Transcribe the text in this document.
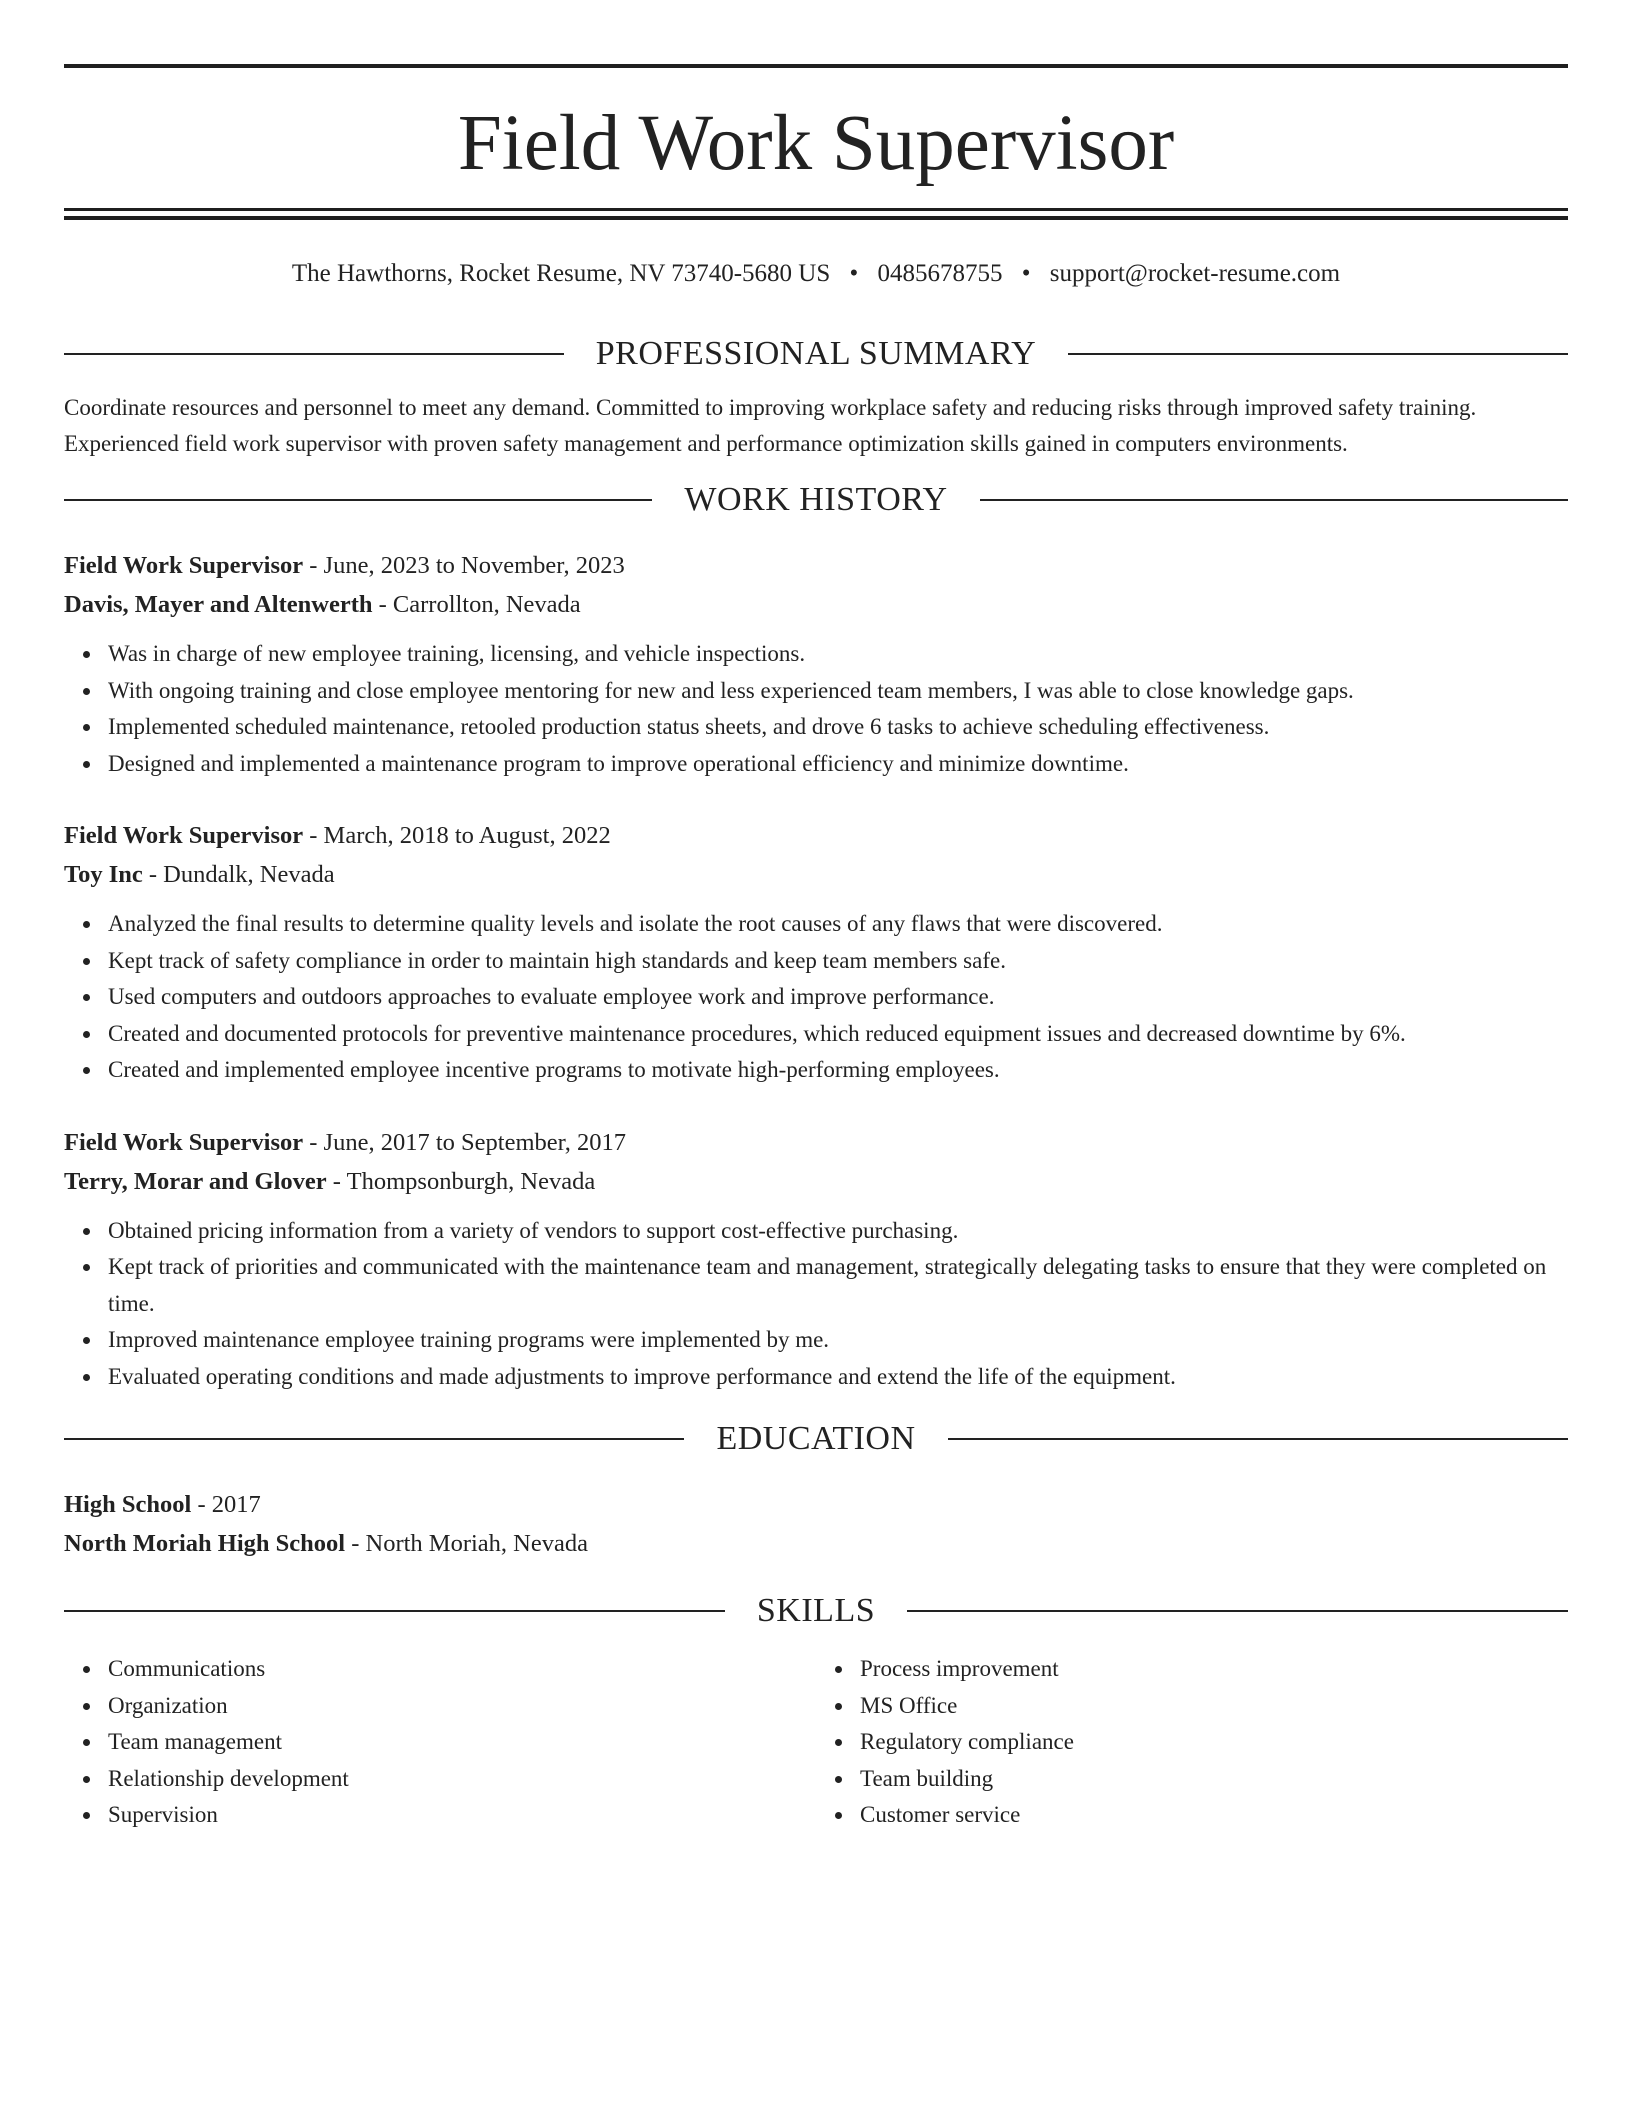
Field Work Supervisor
The Hawthorns, Rocket Resume, NV 73740-5680 US • 0485678755 • support@rocket-resume.com
PROFESSIONAL SUMMARY

Coordinate resources and personnel to meet any demand. Committed to improving workplace safety and reducing risks through improved safety training. Experienced field work supervisor with proven safety management and performance optimization skills gained in computers environments.

WORK HISTORY
Field Work Supervisor - June, 2023 to November, 2023
Davis, Mayer and Altenwerth - Carrollton, Nevada
Was in charge of new employee training, licensing, and vehicle inspections.
With ongoing training and close employee mentoring for new and less experienced team members, I was able to close knowledge gaps.
Implemented scheduled maintenance, retooled production status sheets, and drove 6 tasks to achieve scheduling effectiveness.
Designed and implemented a maintenance program to improve operational efficiency and minimize downtime.
Field Work Supervisor - March, 2018 to August, 2022
Toy Inc - Dundalk, Nevada
Analyzed the final results to determine quality levels and isolate the root causes of any flaws that were discovered.
Kept track of safety compliance in order to maintain high standards and keep team members safe.
Used computers and outdoors approaches to evaluate employee work and improve performance.
Created and documented protocols for preventive maintenance procedures, which reduced equipment issues and decreased downtime by 6%.
Created and implemented employee incentive programs to motivate high-performing employees.
Field Work Supervisor - June, 2017 to September, 2017
Terry, Morar and Glover - Thompsonburgh, Nevada
Obtained pricing information from a variety of vendors to support cost-effective purchasing.
Kept track of priorities and communicated with the maintenance team and management, strategically delegating tasks to ensure that they were completed on time.
Improved maintenance employee training programs were implemented by me.
Evaluated operating conditions and made adjustments to improve performance and extend the life of the equipment.
EDUCATION
High School - 2017
North Moriah High School - North Moriah, Nevada
SKILLS
Communications
Organization
Team management
Relationship development
Supervision
Process improvement
MS Office
Regulatory compliance
Team building
Customer service
